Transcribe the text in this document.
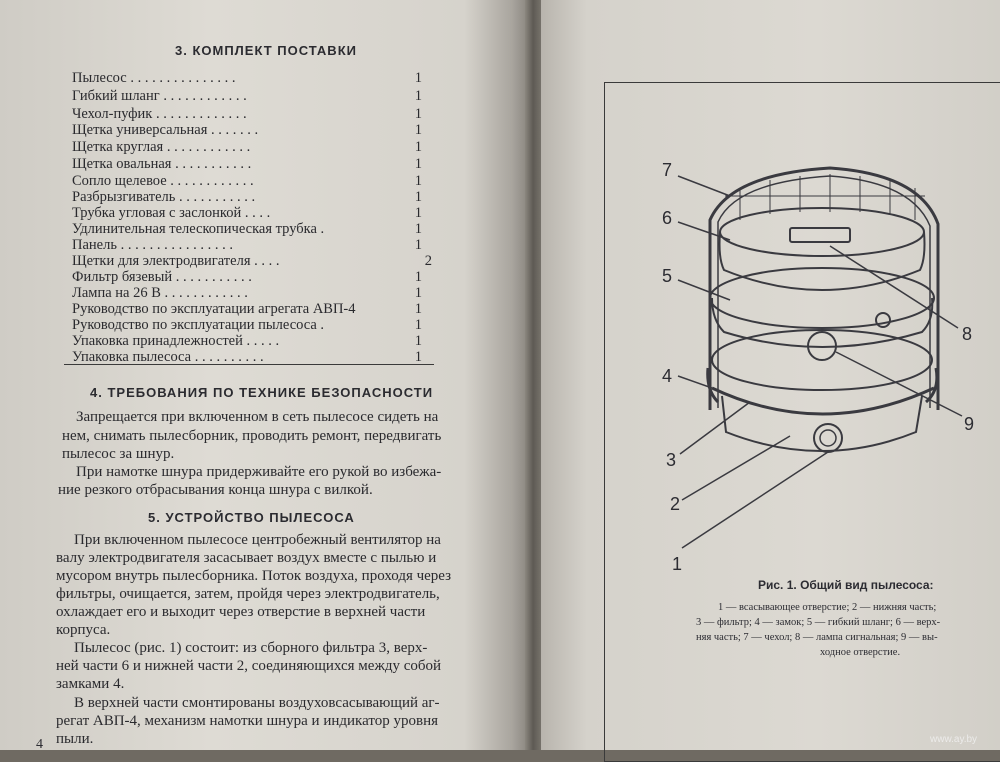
3. КОМПЛЕКТ ПОСТАВКИ
Пылесос . . . . . . . . . . . . . . .	1
Гибкий шланг . . . . . . . . . . . .	1
Чехол-пуфик . . . . . . . . . . . . .	1
Щетка универсальная . . . . . . .	1
Щетка круглая . . . . . . . . . . . .	1
Щетка овальная . . . . . . . . . . .	1
Сопло щелевое . . . . . . . . . . . .	1
Разбрызгиватель . . . . . . . . . . .	1
Трубка угловая с заслонкой . . . .	1
Удлинительная телескопическая трубка .	1
Панель . . . . . . . . . . . . . . . .	1
Щетки для электродвигателя . . . .	2
Фильтр бязевый . . . . . . . . . . .	1
Лампа на 26 В . . . . . . . . . . . .	1
Руководство по эксплуатации агрегата АВП-4	1
Руководство по эксплуатации пылесоса .	1
Упаковка принадлежностей . . . . .	1
Упаковка пылесоса . . . . . . . . . .	1
4. ТРЕБОВАНИЯ ПО ТЕХНИКЕ БЕЗОПАСНОСТИ
Запрещается при включенном в сеть пылесосе сидеть на
нем, снимать пылесборник, проводить ремонт, передвигать
пылесос за шнур.
При намотке шнура придерживайте его рукой во избежа-
ние резкого отбрасывания конца шнура с вилкой.
5. УСТРОЙСТВО ПЫЛЕСОСА
При включенном пылесосе центробежный вентилятор на
валу электродвигателя засасывает воздух вместе с пылью и
мусором внутрь пылесборника. Поток воздуха, проходя через
фильтры, очищается, затем, пройдя через электродвигатель,
охлаждает его и выходит через отверстие в верхней части
корпуса.
Пылесос (рис. 1) состоит: из сборного фильтра 3, верх-
ней части 6 и нижней части 2, соединяющихся между собой
замками 4.
В верхней части смонтированы воздуховсасывающий аг-
регат АВП-4, механизм намотки шнура и индикатор уровня
пыли.
4
7
6
5
4
3
2
1
8
9
Рис. 1. Общий вид пылесоса:
1 — всасывающее отверстие; 2 — нижняя часть;
3 — фильтр; 4 — замок; 5 — гибкий шланг; 6 — верх-
няя часть; 7 — чехол; 8 — лампа сигнальная; 9 — вы-
ходное отверстие.
www.ay.by
